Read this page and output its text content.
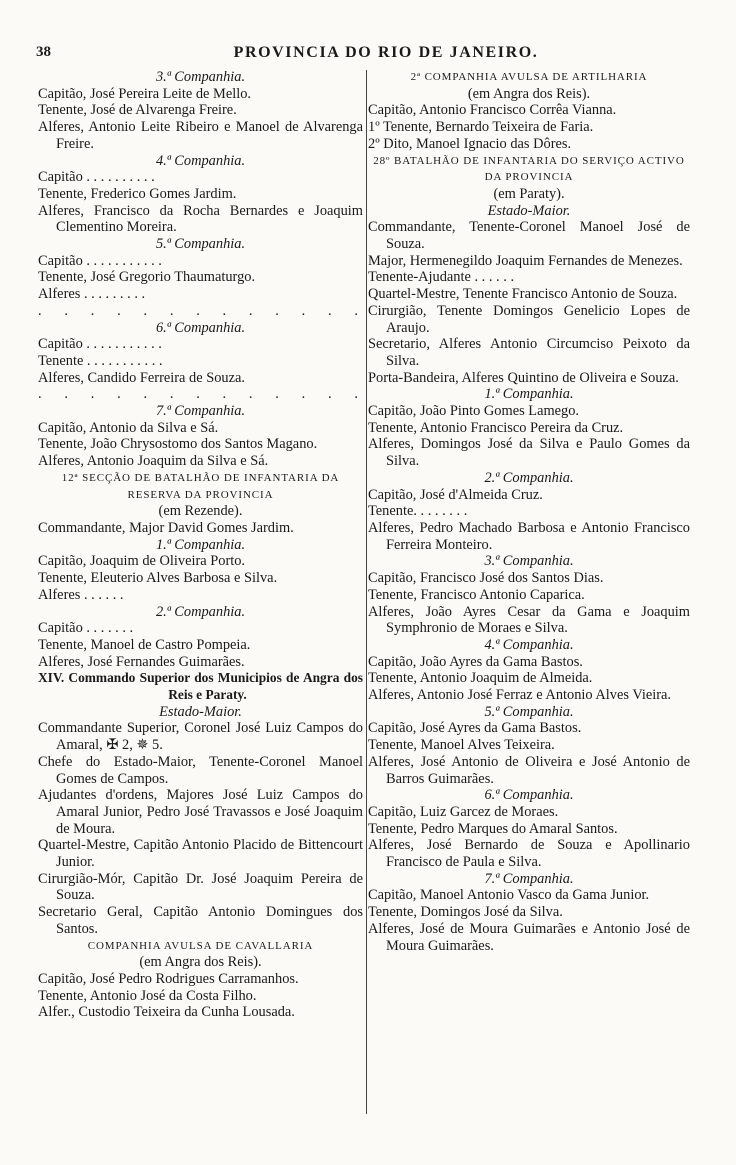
38	PROVINCIA DO RIO DE JANEIRO.
3.ª Companhia.
Capitão, José Pereira Leite de Mello.
Tenente, José de Alvarenga Freire.
Alferes, Antonio Leite Ribeiro e Manoel de Alvarenga Freire.
4.ª Companhia.
Capitão . . . . . . . . . .
Tenente, Frederico Gomes Jardim.
Alferes, Francisco da Rocha Bernardes e Joaquim Clementino Moreira.
5.ª Companhia.
Capitão . . . . . . . . . . .
Tenente, José Gregorio Thaumaturgo.
Alferes . . . . . . . . .
. . . . . . . . . . . . .
6.ª Companhia.
Capitão . . . . . . . . . . .
Tenente . . . . . . . . . . .
Alferes, Candido Ferreira de Souza.
. . . . . . . . . . . . .
7.ª Companhia.
Capitão, Antonio da Silva e Sá.
Tenente, João Chrysostomo dos Santos Magano.
Alferes, Antonio Joaquim da Silva e Sá.
12ª SECÇÃO DE BATALHÃO DE INFANTARIA DA RESERVA DA PROVINCIA
(em Rezende).
Commandante, Major David Gomes Jardim.
1.ª Companhia.
Capitão, Joaquim de Oliveira Porto.
Tenente, Eleuterio Alves Barbosa e Silva.
Alferes . . . . . .
2.ª Companhia.
Capitão . . . . . . .
Tenente, Manoel de Castro Pompeia.
Alferes, José Fernandes Guimarães.
XIV. Commando Superior dos Municipios de Angra dos Reis e Paraty.
Estado-Maior.
Commandante Superior, Coronel José Luiz Campos do Amaral, ✠ 2, ✵ 5.
Chefe do Estado-Maior, Tenente-Coronel Manoel Gomes de Campos.
Ajudantes d'ordens, Majores José Luiz Campos do Amaral Junior, Pedro José Travassos e José Joaquim de Moura.
Quartel-Mestre, Capitão Antonio Placido de Bittencourt Junior.
Cirurgião-Mór, Capitão Dr. José Joaquim Pereira de Souza.
Secretario Geral, Capitão Antonio Domingues dos Santos.
COMPANHIA AVULSA DE CAVALLARIA
(em Angra dos Reis).
Capitão, José Pedro Rodrigues Carramanhos.
Tenente, Antonio José da Costa Filho.
Alfer., Custodio Teixeira da Cunha Lousada.
2ª COMPANHIA AVULSA DE ARTILHARIA
(em Angra dos Reis).
Capitão, Antonio Francisco Corrêa Vianna.
1º Tenente, Bernardo Teixeira de Faria.
2º Dito, Manoel Ignacio das Dôres.
28º BATALHÃO DE INFANTARIA DO SERVIÇO ACTIVO DA PROVINCIA
(em Paraty).
Estado-Maior.
Commandante, Tenente-Coronel Manoel José de Souza.
Major, Hermenegildo Joaquim Fernandes de Menezes.
Tenente-Ajudante . . . . . .
Quartel-Mestre, Tenente Francisco Antonio de Souza.
Cirurgião, Tenente Domingos Genelicio Lopes de Araujo.
Secretario, Alferes Antonio Circumciso Peixoto da Silva.
Porta-Bandeira, Alferes Quintino de Oliveira e Souza.
1.ª Companhia.
Capitão, João Pinto Gomes Lamego.
Tenente, Antonio Francisco Pereira da Cruz.
Alferes, Domingos José da Silva e Paulo Gomes da Silva.
2.ª Companhia.
Capitão, José d'Almeida Cruz.
Tenente. . . . . . . .
Alferes, Pedro Machado Barbosa e Antonio Francisco Ferreira Monteiro.
3.ª Companhia.
Capitão, Francisco José dos Santos Dias.
Tenente, Francisco Antonio Caparica.
Alferes, João Ayres Cesar da Gama e Joaquim Symphronio de Moraes e Silva.
4.ª Companhia.
Capitão, João Ayres da Gama Bastos.
Tenente, Antonio Joaquim de Almeida.
Alferes, Antonio José Ferraz e Antonio Alves Vieira.
5.ª Companhia.
Capitão, José Ayres da Gama Bastos.
Tenente, Manoel Alves Teixeira.
Alferes, José Antonio de Oliveira e José Antonio de Barros Guimarães.
6.ª Companhia.
Capitão, Luiz Garcez de Moraes.
Tenente, Pedro Marques do Amaral Santos.
Alferes, José Bernardo de Souza e Apollinario Francisco de Paula e Silva.
7.ª Companhia.
Capitão, Manoel Antonio Vasco da Gama Junior.
Tenente, Domingos José da Silva.
Alferes, José de Moura Guimarães e Antonio José de Moura Guimarães.
